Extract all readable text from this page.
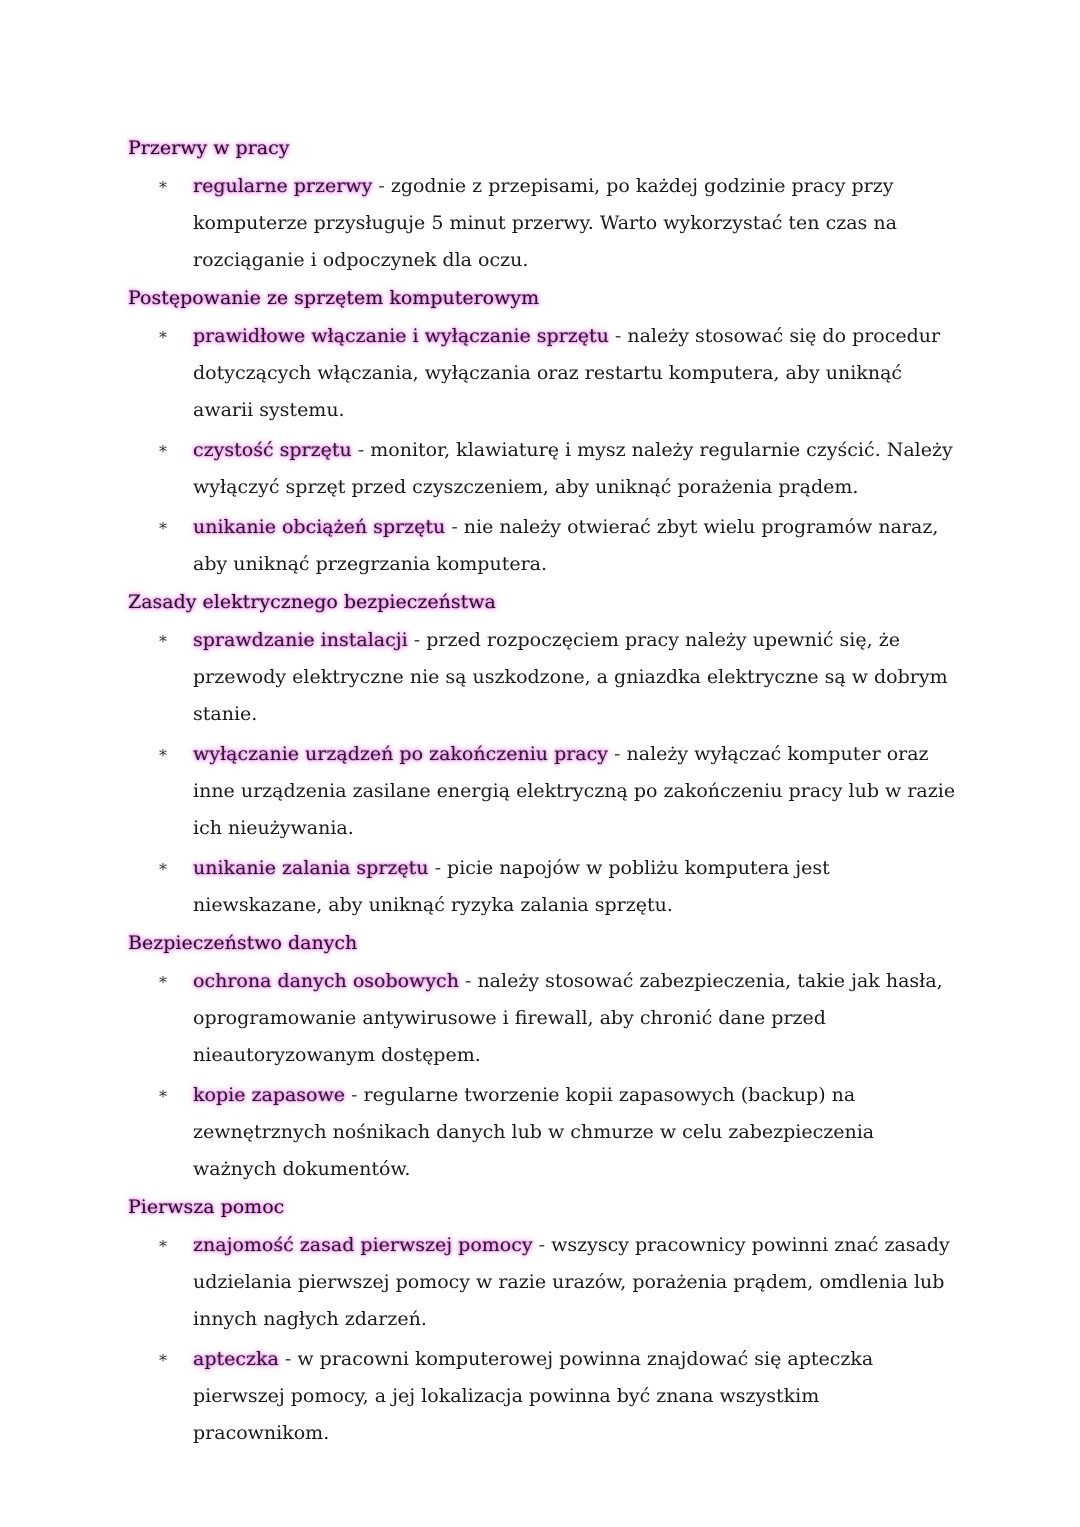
Przerwy w pracy

* regularne przerwy - zgodnie z przepisami, po każdej godzinie pracy przy komputerze przysługuje 5 minut przerwy. Warto wykorzystać ten czas na rozciąganie i odpoczynek dla oczu.

Postępowanie ze sprzętem komputerowym

* prawidłowe włączanie i wyłączanie sprzętu - należy stosować się do procedur dotyczących włączania, wyłączania oraz restartu komputera, aby uniknąć awarii systemu.
* czystość sprzętu - monitor, klawiaturę i mysz należy regularnie czyścić. Należy wyłączyć sprzęt przed czyszczeniem, aby uniknąć porażenia prądem.
* unikanie obciążeń sprzętu - nie należy otwierać zbyt wielu programów naraz, aby uniknąć przegrzania komputera.

Zasady elektrycznego bezpieczeństwa

* sprawdzanie instalacji - przed rozpoczęciem pracy należy upewnić się, że przewody elektryczne nie są uszkodzone, a gniazdka elektryczne są w dobrym stanie.
* wyłączanie urządzeń po zakończeniu pracy - należy wyłączać komputer oraz inne urządzenia zasilane energią elektryczną po zakończeniu pracy lub w razie ich nieużywania.
* unikanie zalania sprzętu - picie napojów w pobliżu komputera jest niewskazane, aby uniknąć ryzyka zalania sprzętu.

Bezpieczeństwo danych

* ochrona danych osobowych - należy stosować zabezpieczenia, takie jak hasła, oprogramowanie antywirusowe i firewall, aby chronić dane przed nieautoryzowanym dostępem.
* kopie zapasowe - regularne tworzenie kopii zapasowych (backup) na zewnętrznych nośnikach danych lub w chmurze w celu zabezpieczenia ważnych dokumentów.

Pierwsza pomoc

* znajomość zasad pierwszej pomocy - wszyscy pracownicy powinni znać zasady udzielania pierwszej pomocy w razie urazów, porażenia prądem, omdlenia lub innych nagłych zdarzeń.
* apteczka - w pracowni komputerowej powinna znajdować się apteczka pierwszej pomocy, a jej lokalizacja powinna być znana wszystkim pracownikom.
